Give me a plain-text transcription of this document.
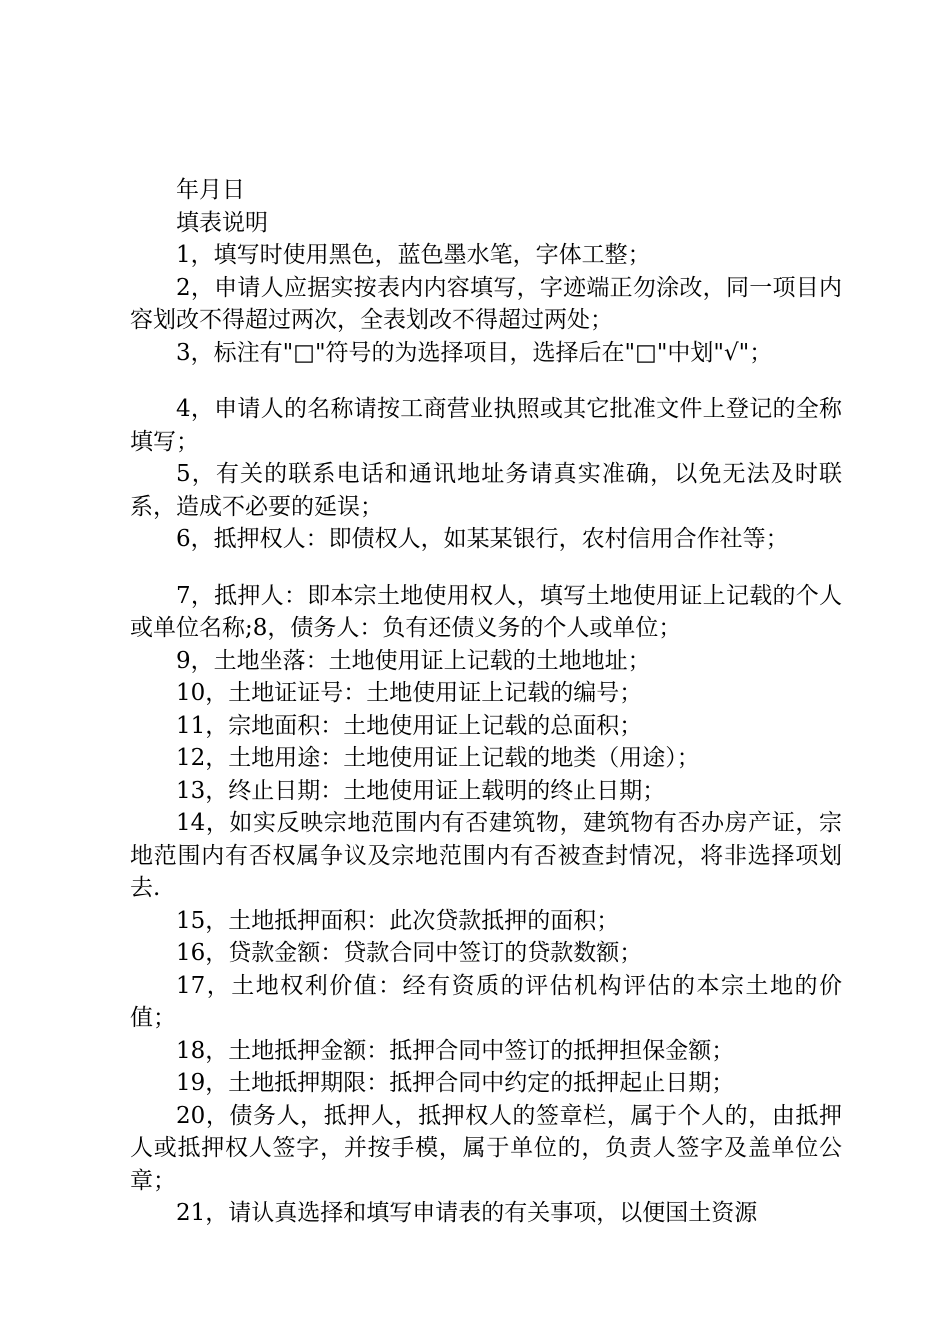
年月日

填表说明

1，填写时使用黑色，蓝色墨水笔，字体工整；

2，申请人应据实按表内内容填写，字迹端正勿涂改，同一项目内容划改不得超过两次，全表划改不得超过两处；

3，标注有"□"符号的为选择项目，选择后在"□"中划"√"；

4，申请人的名称请按工商营业执照或其它批准文件上登记的全称填写；

5，有关的联系电话和通讯地址务请真实准确，以免无法及时联系，造成不必要的延误；

6，抵押权人：即债权人，如某某银行，农村信用合作社等；

7，抵押人：即本宗土地使用权人，填写土地使用证上记载的个人或单位名称;8，债务人：负有还债义务的个人或单位；

9，土地坐落：土地使用证上记载的土地地址；

10，土地证证号：土地使用证上记载的编号；

11，宗地面积：土地使用证上记载的总面积；

12，土地用途：土地使用证上记载的地类（用途）；

13，终止日期：土地使用证上载明的终止日期；

14，如实反映宗地范围内有否建筑物，建筑物有否办房产证，宗地范围内有否权属争议及宗地范围内有否被查封情况，将非选择项划去.

15，土地抵押面积：此次贷款抵押的面积；

16，贷款金额：贷款合同中签订的贷款数额；

17，土地权利价值：经有资质的评估机构评估的本宗土地的价值；

18，土地抵押金额：抵押合同中签订的抵押担保金额；

19，土地抵押期限：抵押合同中约定的抵押起止日期；

20，债务人，抵押人，抵押权人的签章栏，属于个人的，由抵押人或抵押权人签字，并按手模，属于单位的，负责人签字及盖单位公章；

21，请认真选择和填写申请表的有关事项，以便国土资源
